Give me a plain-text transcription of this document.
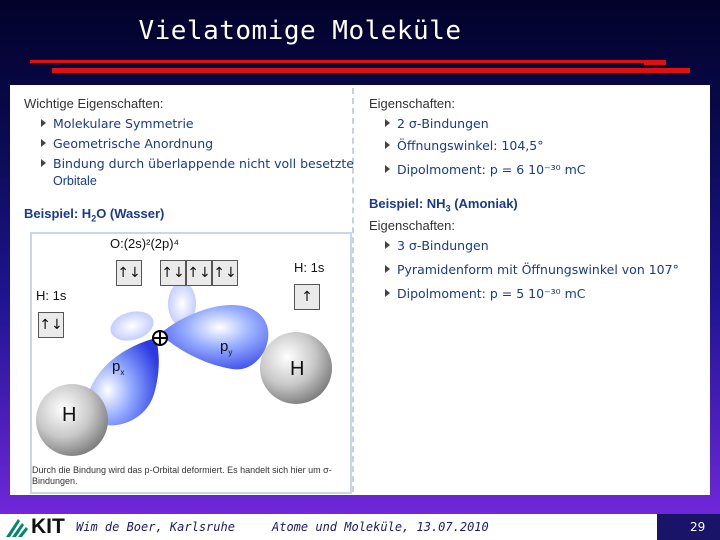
Vielatomige Moleküle
Wichtige Eigenschaften:
Molekulare Symmetrie
Geometrische Anordnung
Bindung durch überlappende nicht voll besetzte
Orbitale
Beispiel: $H_2O$ (Wasser)
O:(2s)²(2p)⁴
H: 1s
H: 1s
↑↓ ↑↓ ↑↓ ↑↓
↑
↑↓
$p_x$
$p_y$
H
H
Durch die Bindung wird das p-Orbital deformiert. Es handelt sich hier um σ-Bindungen.
Eigenschaften:
2 σ-Bindungen
Öffnungswinkel: 104,5°
Dipolmoment: p = 6 10⁻³⁰ mC
Beispiel: $NH_3$ (Amoniak)
Eigenschaften:
3 σ-Bindungen
Pyramidenform mit Öffnungswinkel von 107°
Dipolmoment: p = 5 10⁻³⁰ mC
KIT Wim de Boer, Karlsruhe	Atome und Moleküle, 13.07.2010	29
